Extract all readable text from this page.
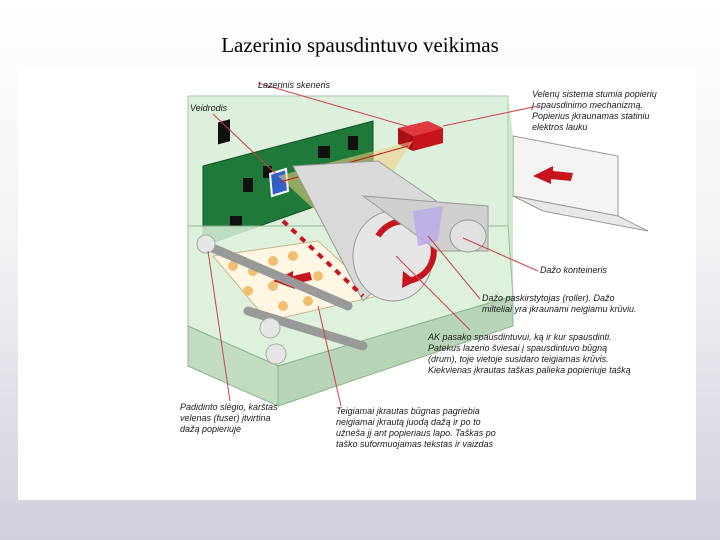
Lazerinio spausdintuvo veikimas
Lazerinis skeneris
Veidrodis
Velenų sistema stumia popierių
į spausdinimo mechanizmą.
Popierius įkraunamas statiniu
elektros lauku
Dažo konteineris
Dažo paskirstytojas (roller). Dažo
milteliai yra įkraunami neigiamu krūviu.
AK pasako spausdintuvui, ką ir kur spausdinti.
Patekus lazerio šviesai į spausdintuvo būgną
(drum), toje vietoje susidaro teigiamas krūvis.
Kiekvienas įkrautas taškas palieka popieriuje tašką
Padidinto slėgio, karštas
velenas (fuser) įtvirtina
dažą popieriuje
Teigiamai įkrautas būgnas pagriebia
neigiamai įkrautą juodą dažą ir po to
užneša jį ant popieriaus lapo. Taškas po
taško suformuojamas tekstas ir vaizdas
